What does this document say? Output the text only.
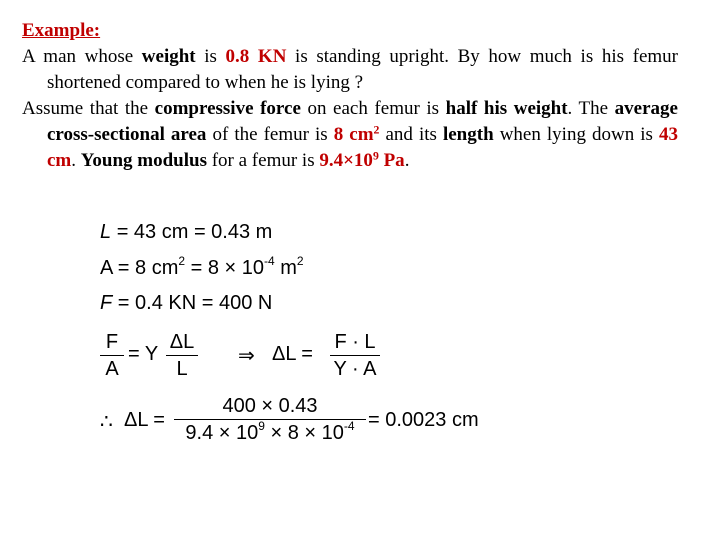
Example:

A man whose weight is 0.8 KN is standing upright. By how much is his femur shortened compared to when he is lying ?

Assume that the compressive force on each femur is half his weight. The average cross-sectional area of the femur is 8 $cm^2$ and its length when lying down is 43 cm. Young modulus for a femur is $9.4\times 10^9$ Pa.

L = 43 cm = 0.43 m
A = 8 $cm^2 = 8 \times 10^{-4}$ $m^2$
F = 0.4 KN = 400 N
F
A
= Y
ΔL
L
⇒ ΔL =
F · L
Y · A
∴ ΔL =
400 × 0.43
$9.4 \times 10^9 \times 8 \times 10^{-4} = 0.0023$ cm
